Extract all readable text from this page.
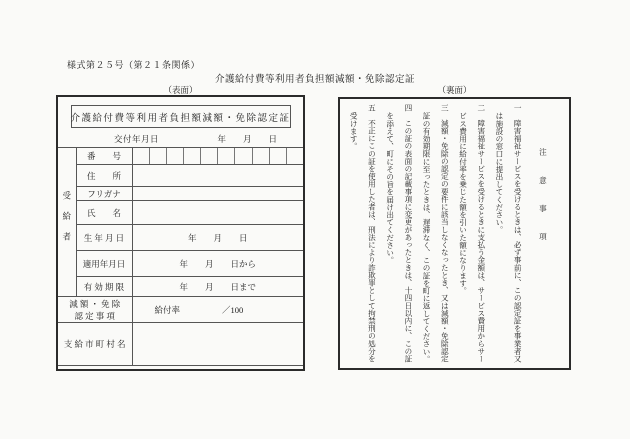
様式第２５号（第２１条関係）
介護給付費等利用者負担額減額・免除認定証
（表面）	（裏面）
介護給付費等利用者負担額減額・免除認定証
交付年月日	年　　月　　日
受給者	番　　号	

	住　　所	
	フリガナ	
	氏　　名	
	生 年 月 日	年　　月　　日
	適用年月日	年　　月　　日から
	有 効 期 限	年　　月　　日まで

減 額 ・ 免 除
認 定 事 項

給付率	／100

支 給 市 町 村 名		
注　意　事　項

一　障害福祉サービスを受けるときは、必ず事前に、この認定証を事業者又は施設の窓口に提出してください。

二　障害福祉サービスを受けるときに支払う金額は、サービス費用からサービス費用に給付率を乗じた額を引いた額になります。

三　減額・免除の認定の要件に該当しなくなったとき、又は減額・免除認定証の有効期限に至ったときは、遅滞なく、この証を町に返してください。

四　この証の表面の記載事項に変更があったときは、十四日以内に、この証を添えて、町にその旨を届け出てください。

五　不正にこの証を使用した者は、刑法により詐欺罪として拘禁刑の処分を受けます。
